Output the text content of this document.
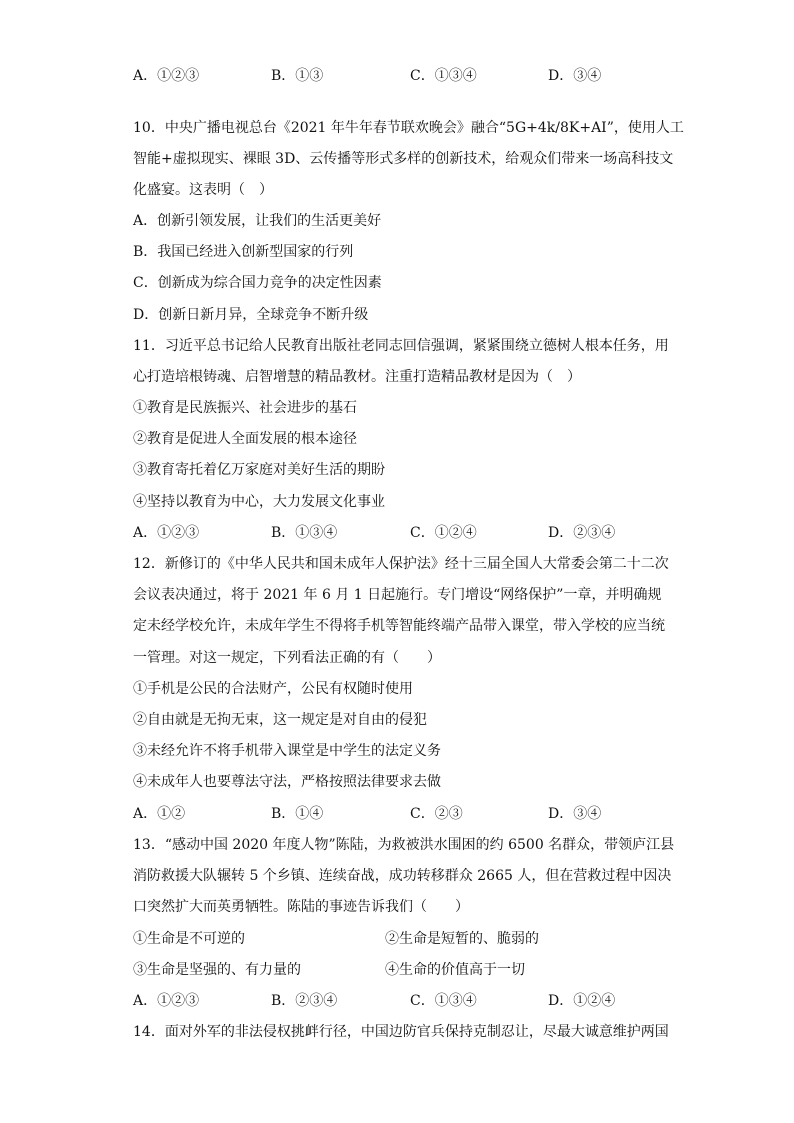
A．①②③	B．①③	C．①③④	D．③④
10．中央广播电视总台《2021 年牛年春节联欢晚会》融合“5G+4k/8K+AI”，使用人工
智能+虚拟现实、裸眼 3D、云传播等形式多样的创新技术，给观众们带来一场高科技文
化盛宴。这表明（　）
A．创新引领发展，让我们的生活更美好
B．我国已经进入创新型国家的行列
C．创新成为综合国力竞争的决定性因素
D．创新日新月异，全球竞争不断升级
11．习近平总书记给人民教育出版社老同志回信强调，紧紧围绕立德树人根本任务，用
心打造培根铸魂、启智增慧的精品教材。注重打造精品教材是因为（　）
①教育是民族振兴、社会进步的基石
②教育是促进人全面发展的根本途径
③教育寄托着亿万家庭对美好生活的期盼
④坚持以教育为中心，大力发展文化事业
A．①②③	B．①③④	C．①②④	D．②③④
12．新修订的《中华人民共和国未成年人保护法》经十三届全国人大常委会第二十二次
会议表决通过，将于 2021 年 6 月 1 日起施行。专门增设“网络保护”一章，并明确规
定未经学校允许，未成年学生不得将手机等智能终端产品带入课堂，带入学校的应当统
一管理。对这一规定，下列看法正确的有（　　）
①手机是公民的合法财产，公民有权随时使用
②自由就是无拘无束，这一规定是对自由的侵犯
③未经允许不将手机带入课堂是中学生的法定义务
④未成年人也要尊法守法，严格按照法律要求去做
A．①②	B．①④	C．②③	D．③④
13．“感动中国 2020 年度人物”陈陆，为救被洪水围困的约 6500 名群众，带领庐江县
消防救援大队辗转 5 个乡镇、连续奋战，成功转移群众 2665 人，但在营救过程中因决
口突然扩大而英勇牺牲。陈陆的事迹告诉我们（　　）
①生命是不可逆的	②生命是短暂的、脆弱的
③生命是坚强的、有力量的	④生命的价值高于一切
A．①②③	B．②③④	C．①③④	D．①②④
14．面对外军的非法侵权挑衅行径，中国边防官兵保持克制忍让，尽最大诚意维护两国
